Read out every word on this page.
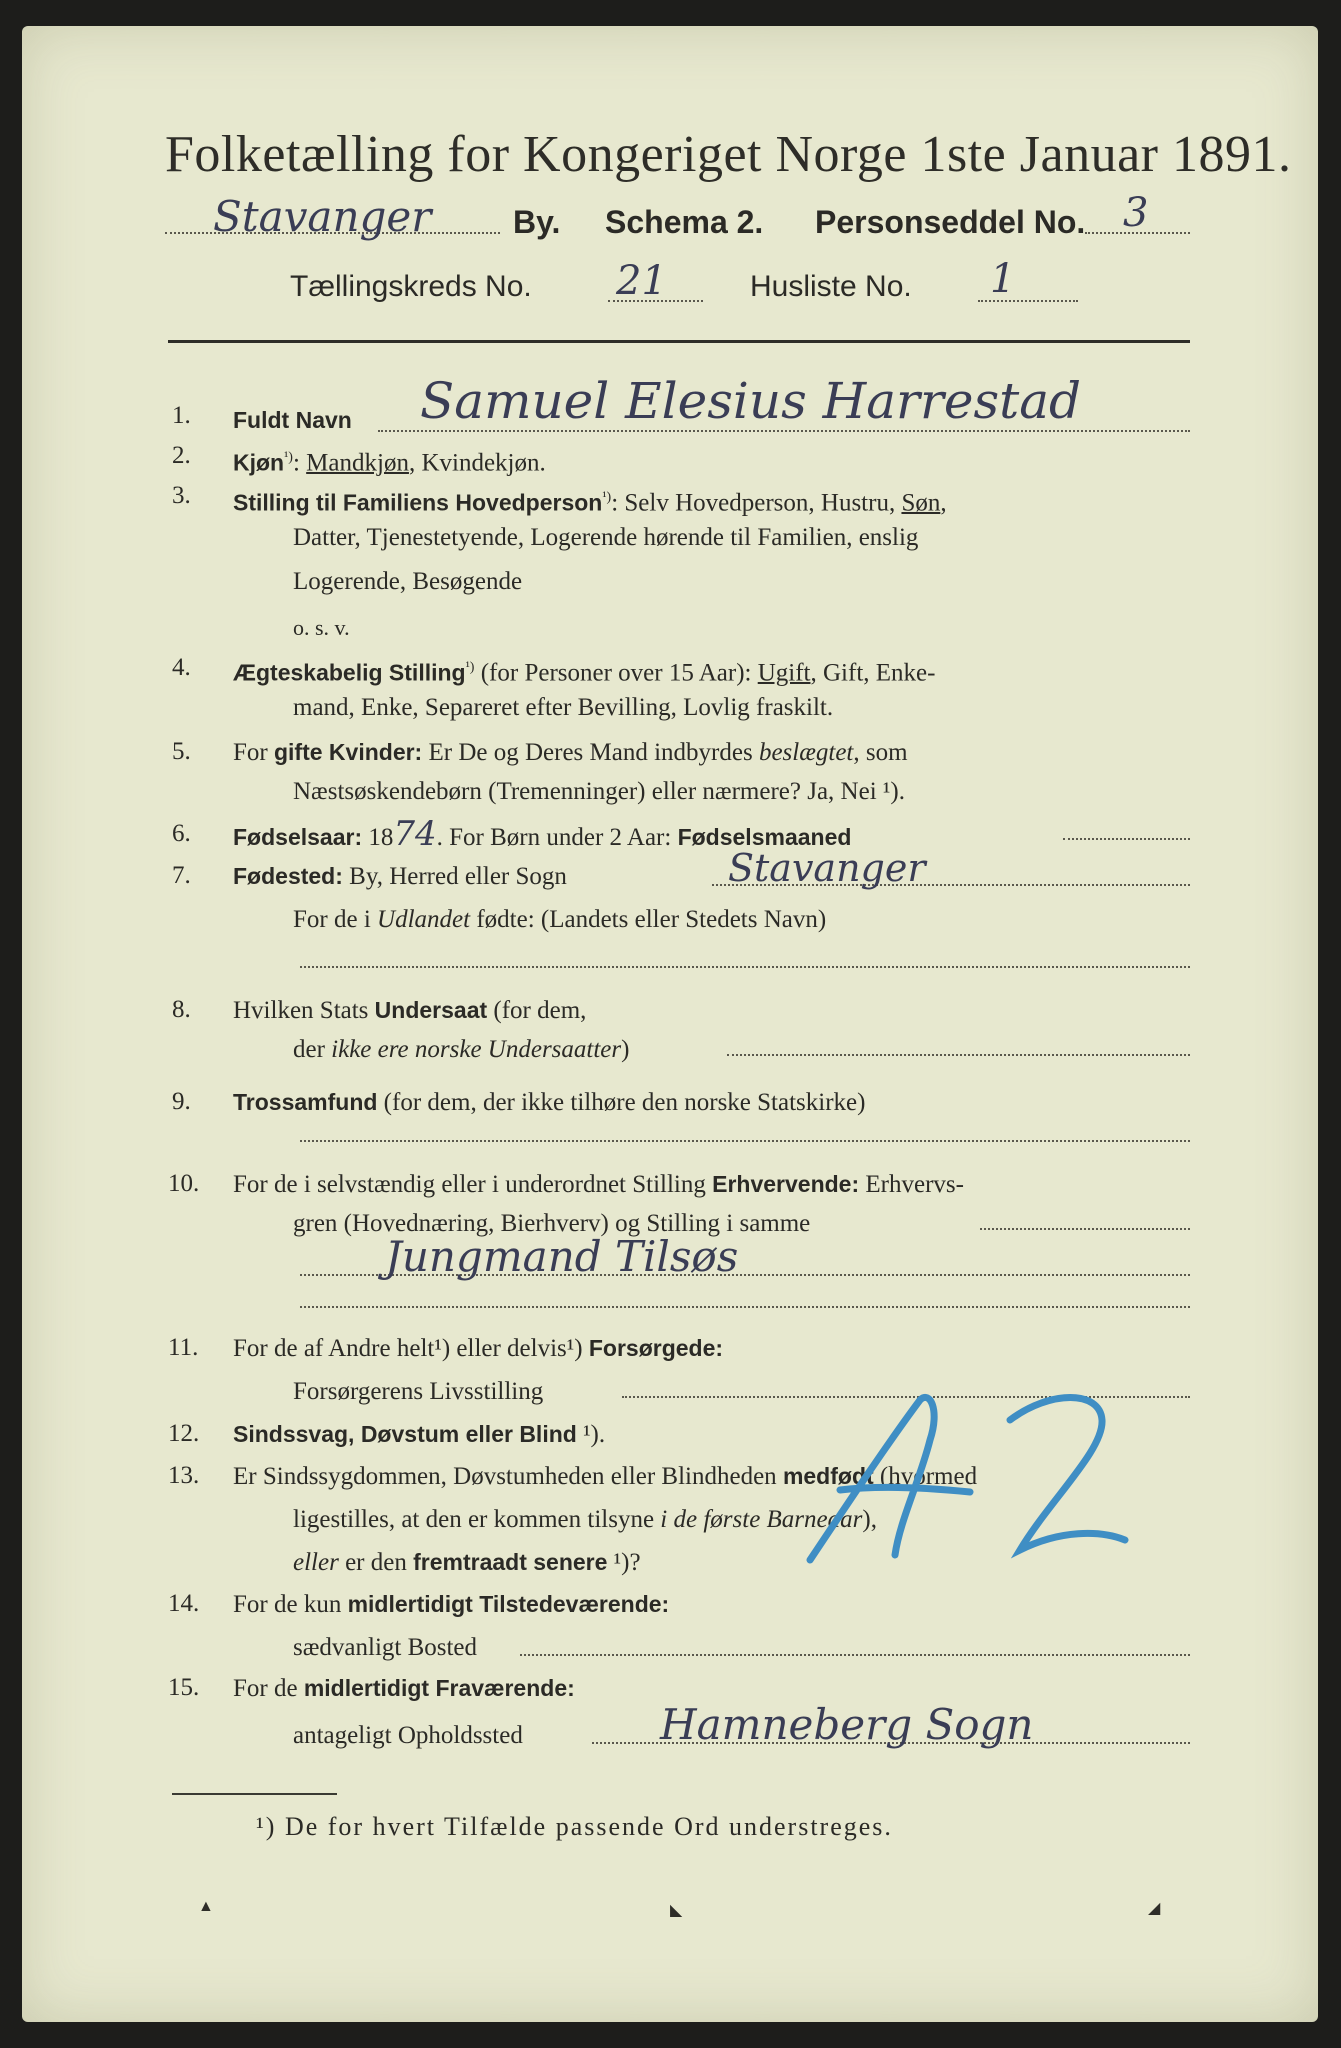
Folketælling for Kongeriget Norge 1ste Januar 1891.
Stavanger	By. Schema 2. Personseddel No. 3
Tællingskreds No. 21	Husliste No. 1
1.	Fuldt Navn Samuel Elesius Harrestad
2.	Kjøn$^{^1)}$: Mandkjøn, Kvindekjøn.
3.	Stilling til Familiens Hovedperson$^{^1)}$: Selv Hovedperson, Hustru, Søn,
Datter, Tjenestetyende, Logerende hørende til Familien, enslig
Logerende, Besøgende
o. s. v.
4.	Ægteskabelig Stilling$^{^1)}$ (for Personer over 15 Aar): Ugift, Gift, Enke-
mand, Enke, Separeret efter Bevilling, Lovlig fraskilt.
5.	For gifte Kvinder: Er De og Deres Mand indbyrdes beslægtet, som
Næstsøskendebørn (Tremenninger) eller nærmere? Ja, Nei ¹).
6.	Fødselsaar: 1874. For Børn under 2 Aar: Fødselsmaaned
7.	Fødested: By, Herred eller Sogn	Stavanger
For de i Udlandet fødte: (Landets eller Stedets Navn)
8.	Hvilken Stats Undersaat (for dem,
der ikke ere norske Undersaatter)
9.	Trossamfund (for dem, der ikke tilhøre den norske Statskirke)
10.	For de i selvstændig eller i underordnet Stilling Erhvervende: Erhvervs-
gren (Hovednæring, Bierhverv) og Stilling i samme
Jungmand Tilsøs
11.	For de af Andre helt¹) eller delvis¹) Forsørgede:
Forsørgerens Livsstilling
12.	Sindssvag, Døvstum eller Blind ¹).
13.	Er Sindssygdommen, Døvstumheden eller Blindheden medfødt (hvormed
ligestilles, at den er kommen tilsyne i de første Barneaar),
eller er den fremtraadt senere ¹)?
14.	For de kun midlertidigt Tilstedeværende:
sædvanligt Bosted
15.	For de midlertidigt Fraværende:
antageligt Opholdssted	Hamneberg Sogn
¹) De for hvert Tilfælde passende Ord understreges.
▲	◣	◢
